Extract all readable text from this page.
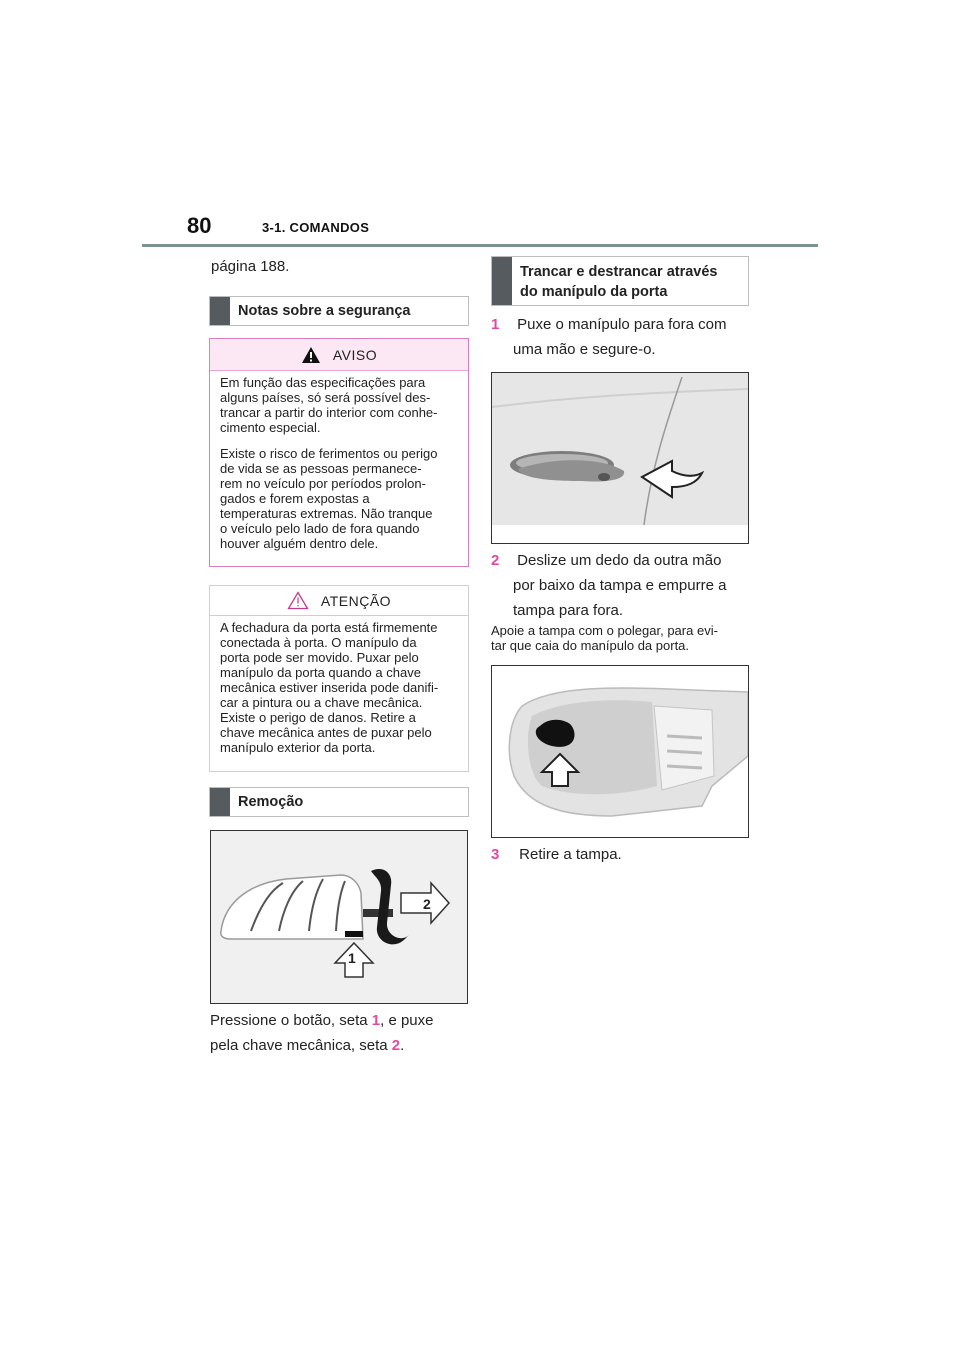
80	3-1. COMANDOS
página 188.
Notas sobre a segurança
AVISO

Em função das especificações para
alguns países, só será possível des-
trancar a partir do interior com conhe-
cimento especial.

Existe o risco de ferimentos ou perigo
de vida se as pessoas permanece-
rem no veículo por períodos prolon-
gados e forem expostas a
temperaturas extremas. Não tranque
o veículo pelo lado de fora quando
houver alguém dentro dele.

ATENÇÃO

A fechadura da porta está firmemente
conectada à porta. O manípulo da
porta pode ser movido. Puxar pelo
manípulo da porta quando a chave
mecânica estiver inserida pode danifi-
car a pintura ou a chave mecânica.
Existe o perigo de danos. Retire a
chave mecânica antes de puxar pelo
manípulo exterior da porta.

Remoção
2
1
Pressione o botão, seta 1, e puxe
pela chave mecânica, seta 2.
Trancar e destrancar através
do manípulo da porta
1 Puxe o manípulo para fora com
uma mão e segure-o.
2 Deslize um dedo da outra mão
por baixo da tampa e empurre a
tampa para fora.
Apoie a tampa com o polegar, para evi-
tar que caia do manípulo da porta.
3 Retire a tampa.
